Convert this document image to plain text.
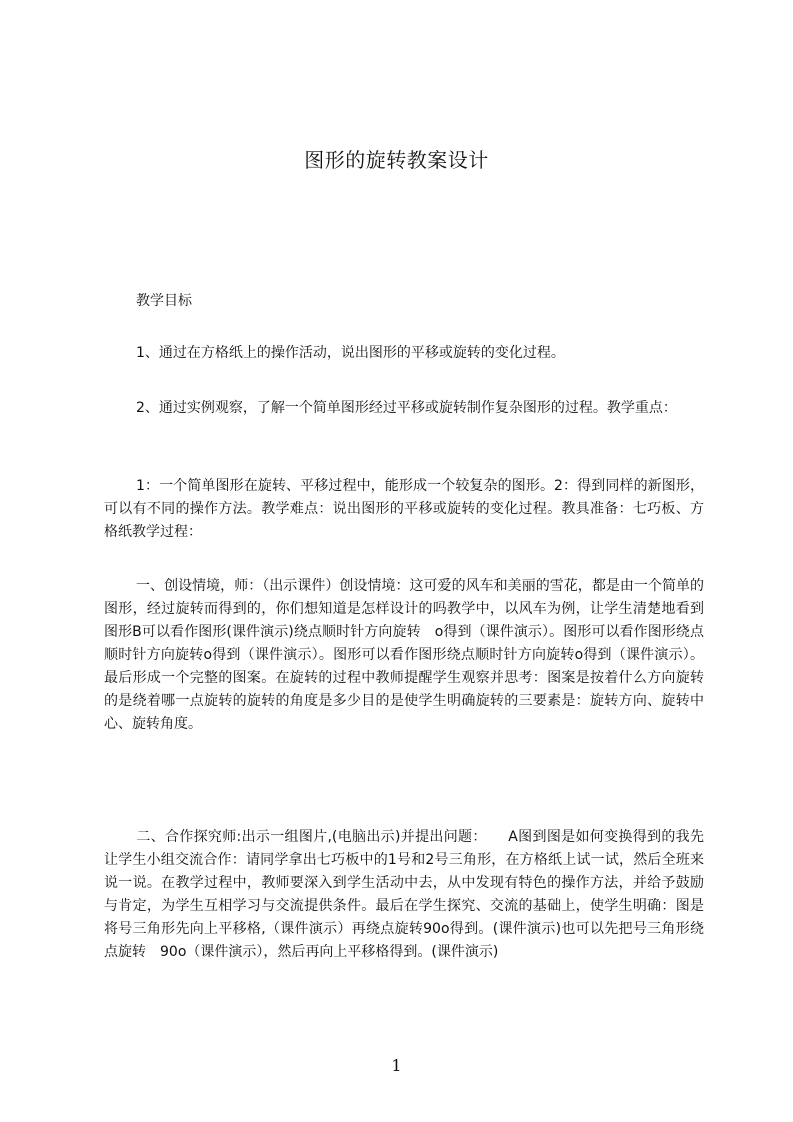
图形的旋转教案设计
教学目标

1、通过在方格纸上的操作活动，说出图形的平移或旋转的变化过程。

2、通过实例观察，了解一个简单图形经过平移或旋转制作复杂图形的过程。教学重点：

1：一个简单图形在旋转、平移过程中，能形成一个较复杂的图形。2：得到同样的新图形，可以有不同的操作方法。教学难点：说出图形的平移或旋转的变化过程。教具准备：七巧板、方格纸教学过程：

一、创设情境，师：（出示课件）创设情境：这可爱的风车和美丽的雪花，都是由一个简单的图形，经过旋转而得到的，你们想知道是怎样设计的吗教学中，以风车为例，让学生清楚地看到图形B可以看作图形(课件演示)绕点顺时针方向旋转　o得到（课件演示）。图形可以看作图形绕点顺时针方向旋转o得到（课件演示）。图形可以看作图形绕点顺时针方向旋转o得到（课件演示）。最后形成一个完整的图案。在旋转的过程中教师提醒学生观察并思考：图案是按着什么方向旋转的是绕着哪一点旋转的旋转的角度是多少目的是使学生明确旋转的三要素是：旋转方向、旋转中心、旋转角度。

二、合作探究师:出示一组图片,(电脑出示)并提出问题：　　A图到图是如何变换得到的我先让学生小组交流合作：请同学拿出七巧板中的1号和2号三角形，在方格纸上试一试，然后全班来说一说。在教学过程中，教师要深入到学生活动中去，从中发现有特色的操作方法，并给予鼓励与肯定，为学生互相学习与交流提供条件。最后在学生探究、交流的基础上，使学生明确：图是将号三角形先向上平移格,（课件演示）再绕点旋转90o得到。(课件演示)也可以先把号三角形绕点旋转　90o（课件演示），然后再向上平移格得到。(课件演示)

1
